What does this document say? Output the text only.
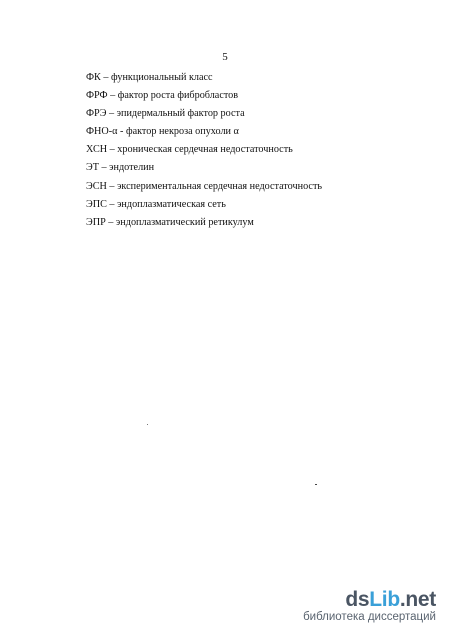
5
ФК – функциональный класс
ФРФ – фактор роста фибробластов
ФРЭ – эпидермальный фактор роста
ФНО-α - фактор некроза опухоли α
ХСН – хроническая сердечная недостаточность
ЭТ – эндотелин
ЭСН – экспериментальная сердечная недостаточность
ЭПС – эндоплазматическая сеть
ЭПР – эндоплазматический ретикулум
dsLib.net
библиотека диссертаций
